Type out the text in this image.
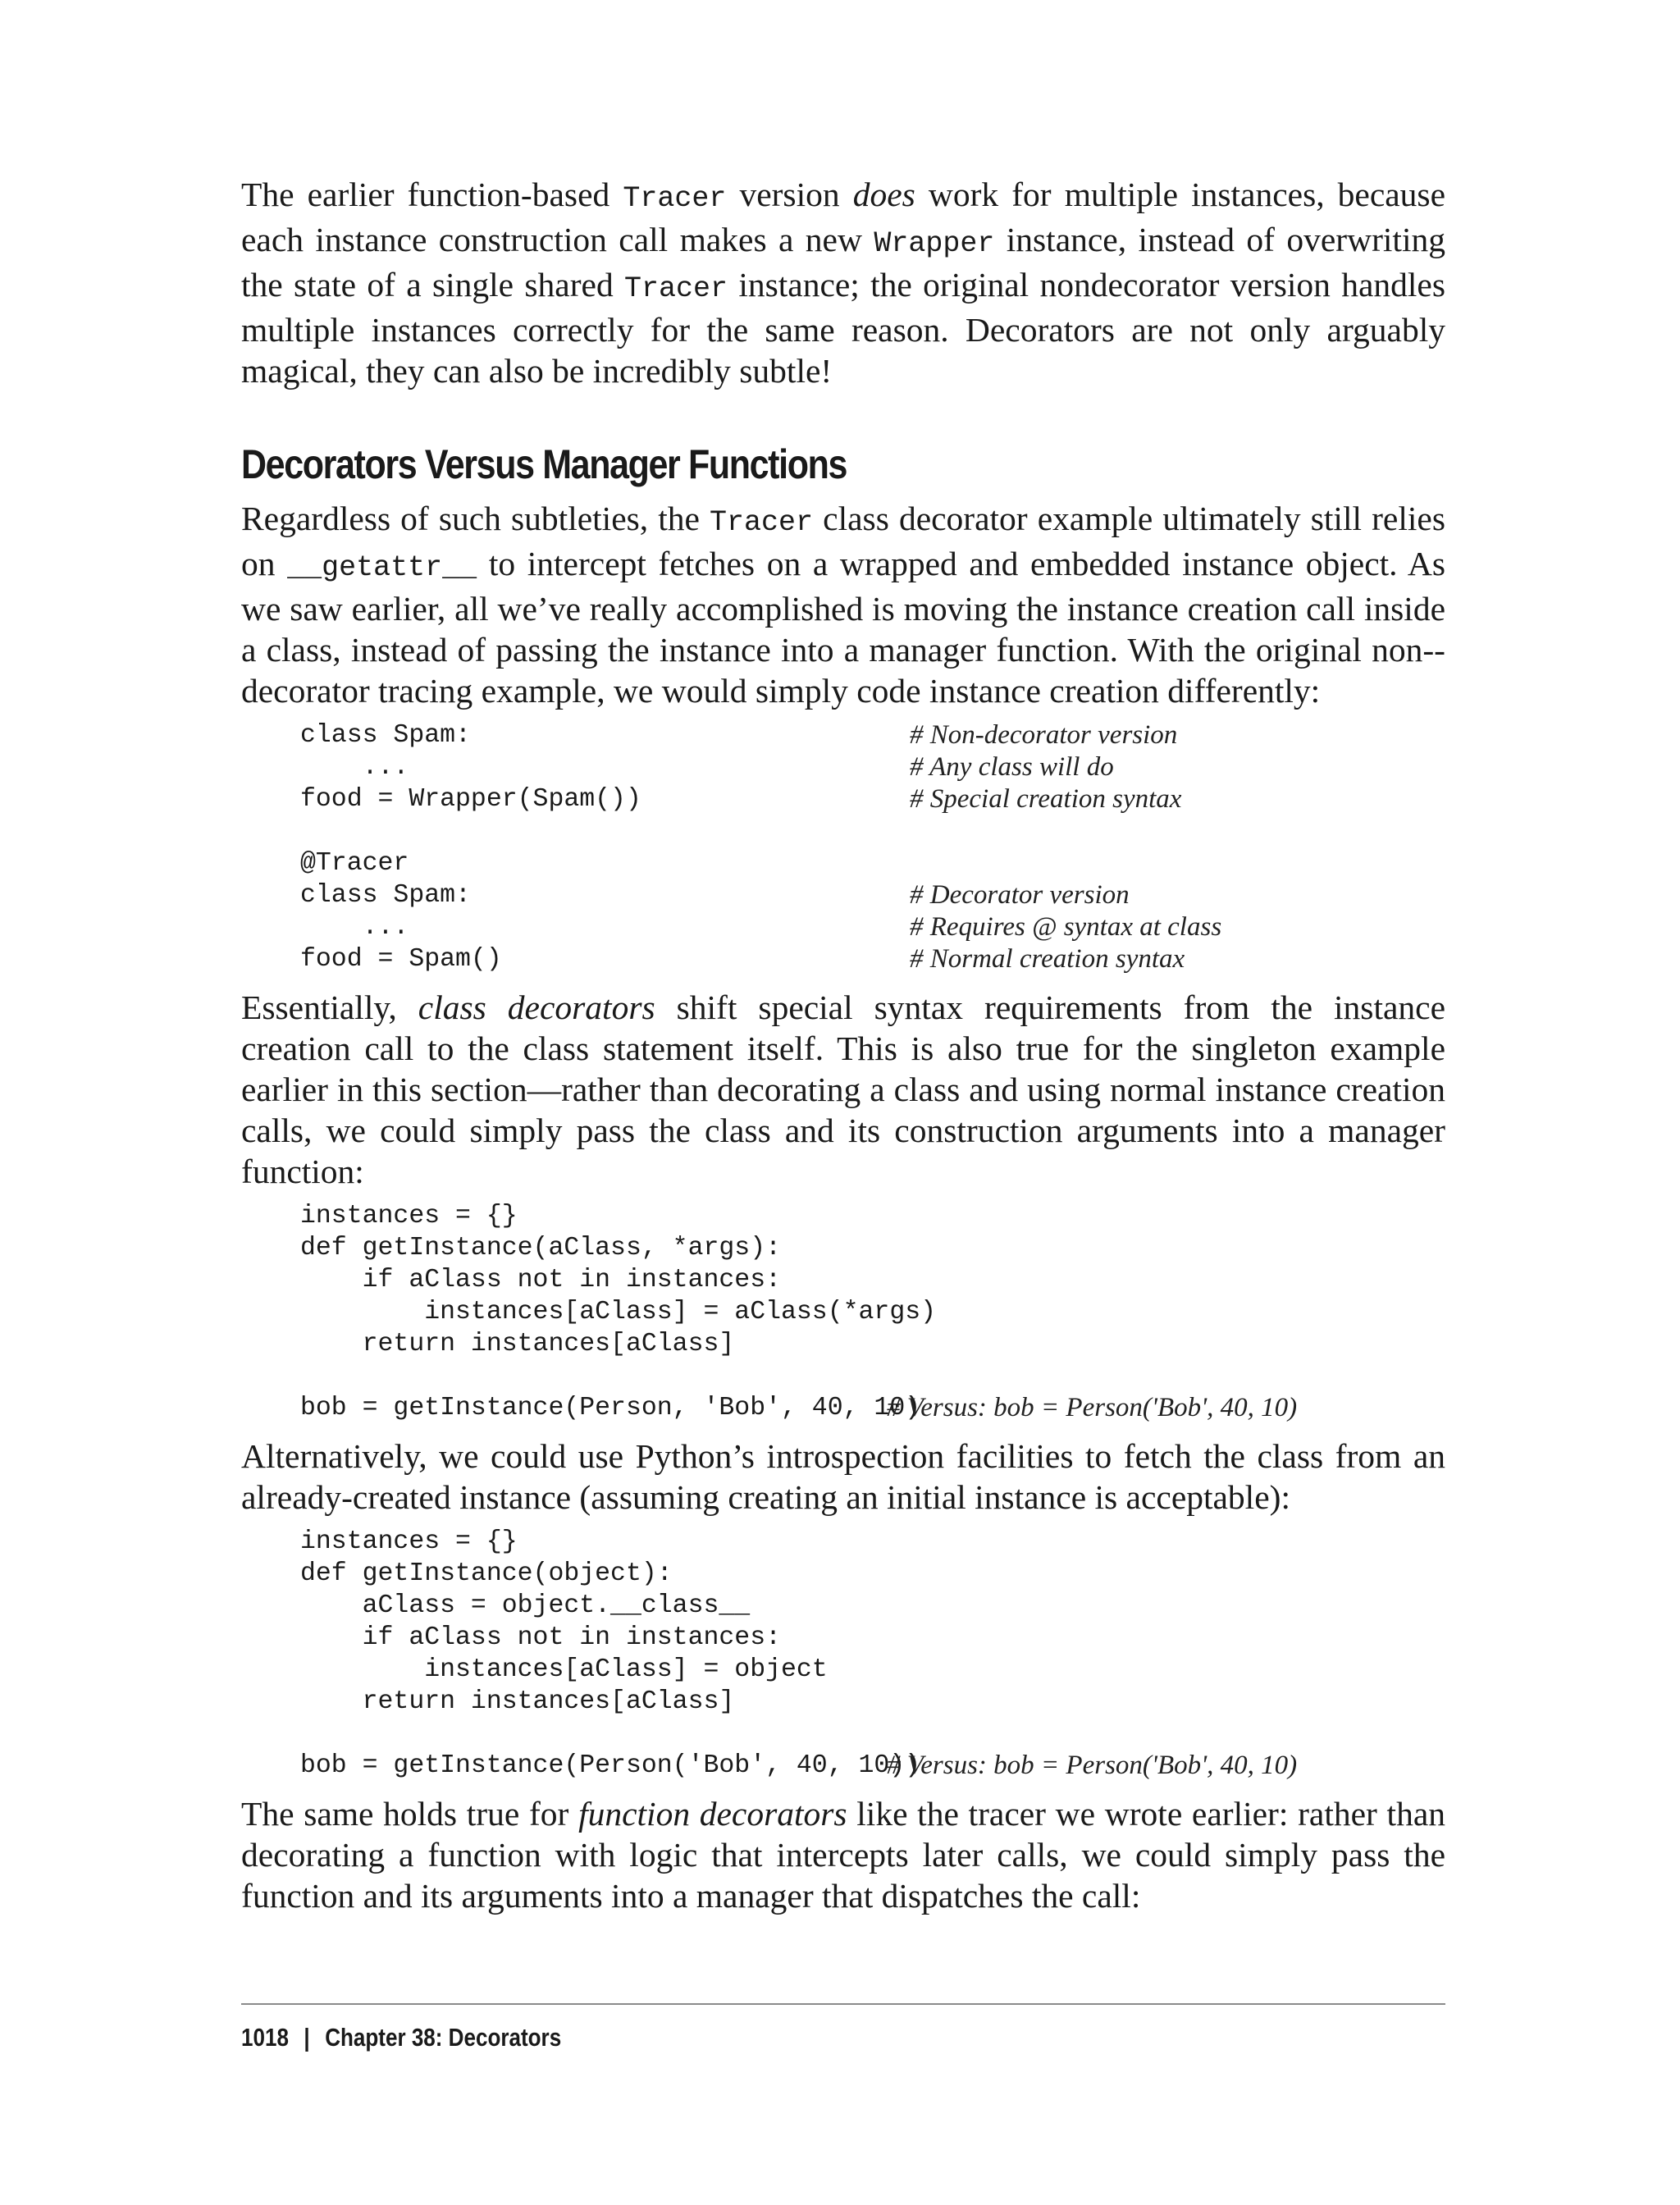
The earlier function-based Tracer version does work for multiple instances, because each instance construction call makes a new Wrapper instance, instead of overwriting the state of a single shared Tracer instance; the original nondecorator version handles multiple instances correctly for the same reason. Decorators are not only arguably magical, they can also be incredibly subtle!

Decorators Versus Manager Functions

Regardless of such subtleties, the Tracer class decorator example ultimately still relies on __getattr__ to intercept fetches on a wrapped and embedded instance object. As we saw earlier, all we’ve really accomplished is moving the instance creation call inside a class, instead of passing the instance into a manager function. With the original non-decorator tracing example, we would simply code instance creation differently:

class Spam:	# Non-decorator version
...	# Any class will do
food = Wrapper(Spam())	# Special creation syntax
@Tracer
class Spam:	# Decorator version
...	# Requires @ syntax at class
food = Spam()	# Normal creation syntax

Essentially, class decorators shift special syntax requirements from the instance creation call to the class statement itself. This is also true for the singleton example earlier in this section—rather than decorating a class and using normal instance creation calls, we could simply pass the class and its construction arguments into a manager function:

instances = {}
def getInstance(aClass, *args):
if aClass not in instances:
instances[aClass] = aClass(*args)
return instances[aClass]
bob = getInstance(Person, 'Bob', 40, 10)
# Versus: bob = Person('Bob', 40, 10)

Alternatively, we could use Python’s introspection facilities to fetch the class from an already-created instance (assuming creating an initial instance is acceptable):

instances = {}
def getInstance(object):
aClass = object.__class__
if aClass not in instances:
instances[aClass] = object
return instances[aClass]
bob = getInstance(Person('Bob', 40, 10))
# Versus: bob = Person('Bob', 40, 10)

The same holds true for function decorators like the tracer we wrote earlier: rather than decorating a function with logic that intercepts later calls, we could simply pass the function and its arguments into a manager that dispatches the call:

1018 | Chapter 38: Decorators
